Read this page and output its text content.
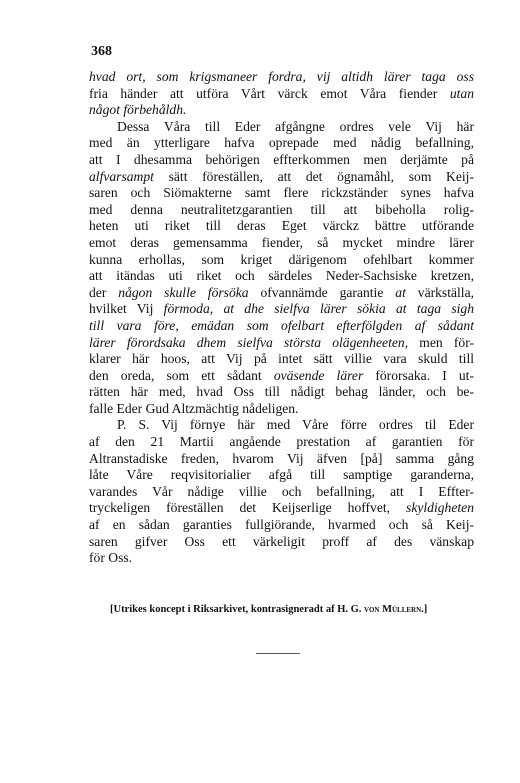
368

hvad ort, som krigsmaneer fordra, vij altidh lärer taga oss
fria händer att utföra Vårt värck emot Våra fiender utan
något förbehåldh.
Dessa Våra till Eder afgångne ordres vele Vij här
med än ytterligare hafva oprepade med nådig befallning,
att I dhesamma behörigen effterkommen men derjämte på
alfvarsampt sätt föreställen, att det ögnamåhl, som Keij-
saren och Siömakterne samt flere rickzständer synes hafva
med denna neutralitetzgarantien till att bibeholla rolig-
heten uti riket till deras Eget värckz bättre utförande
emot deras gemensamma fiender, så mycket mindre lärer
kunna erhollas, som kriget därigenom ofehlbart kommer
att itändas uti riket och särdeles Neder-Sachsiske kretzen,
der någon skulle försöka ofvannämde garantie at värkställa,
hvilket Vij förmoda, at dhe sielfva lärer sökia at taga sigh
till vara före, emädan som ofelbart efterfölgden af sådant
lärer förordsaka dhem sielfva största olägenheeten, men för-
klarer här hoos, att Vij på intet sätt villie vara skuld till
den oreda, som ett sådant oväsende lärer förorsaka. I ut-
rätten här med, hvad Oss till nådigt behag länder, och be-
falle Eder Gud Altzmächtig nådeligen.
P. S. Vij förnye här med Våre förre ordres til Eder
af den 21 Martii angående prestation af garantien för
Altranstadiske freden, hvarom Vij äfven [på] samma gång
låte Våre reqvisitorialier afgå till samptige garanderna,
varandes Vår nådige villie och befallning, att I Effter-
tryckeligen föreställen det Keijserlige hoffvet, skyldigheten
af en sådan garanties fullgiörande, hvarmed och så Keij-
saren gifver Oss ett värkeligit proff af des vänskap
för Oss.

[Utrikes koncept i Riksarkivet, kontrasigneradt af H. G. von Müllern.]
